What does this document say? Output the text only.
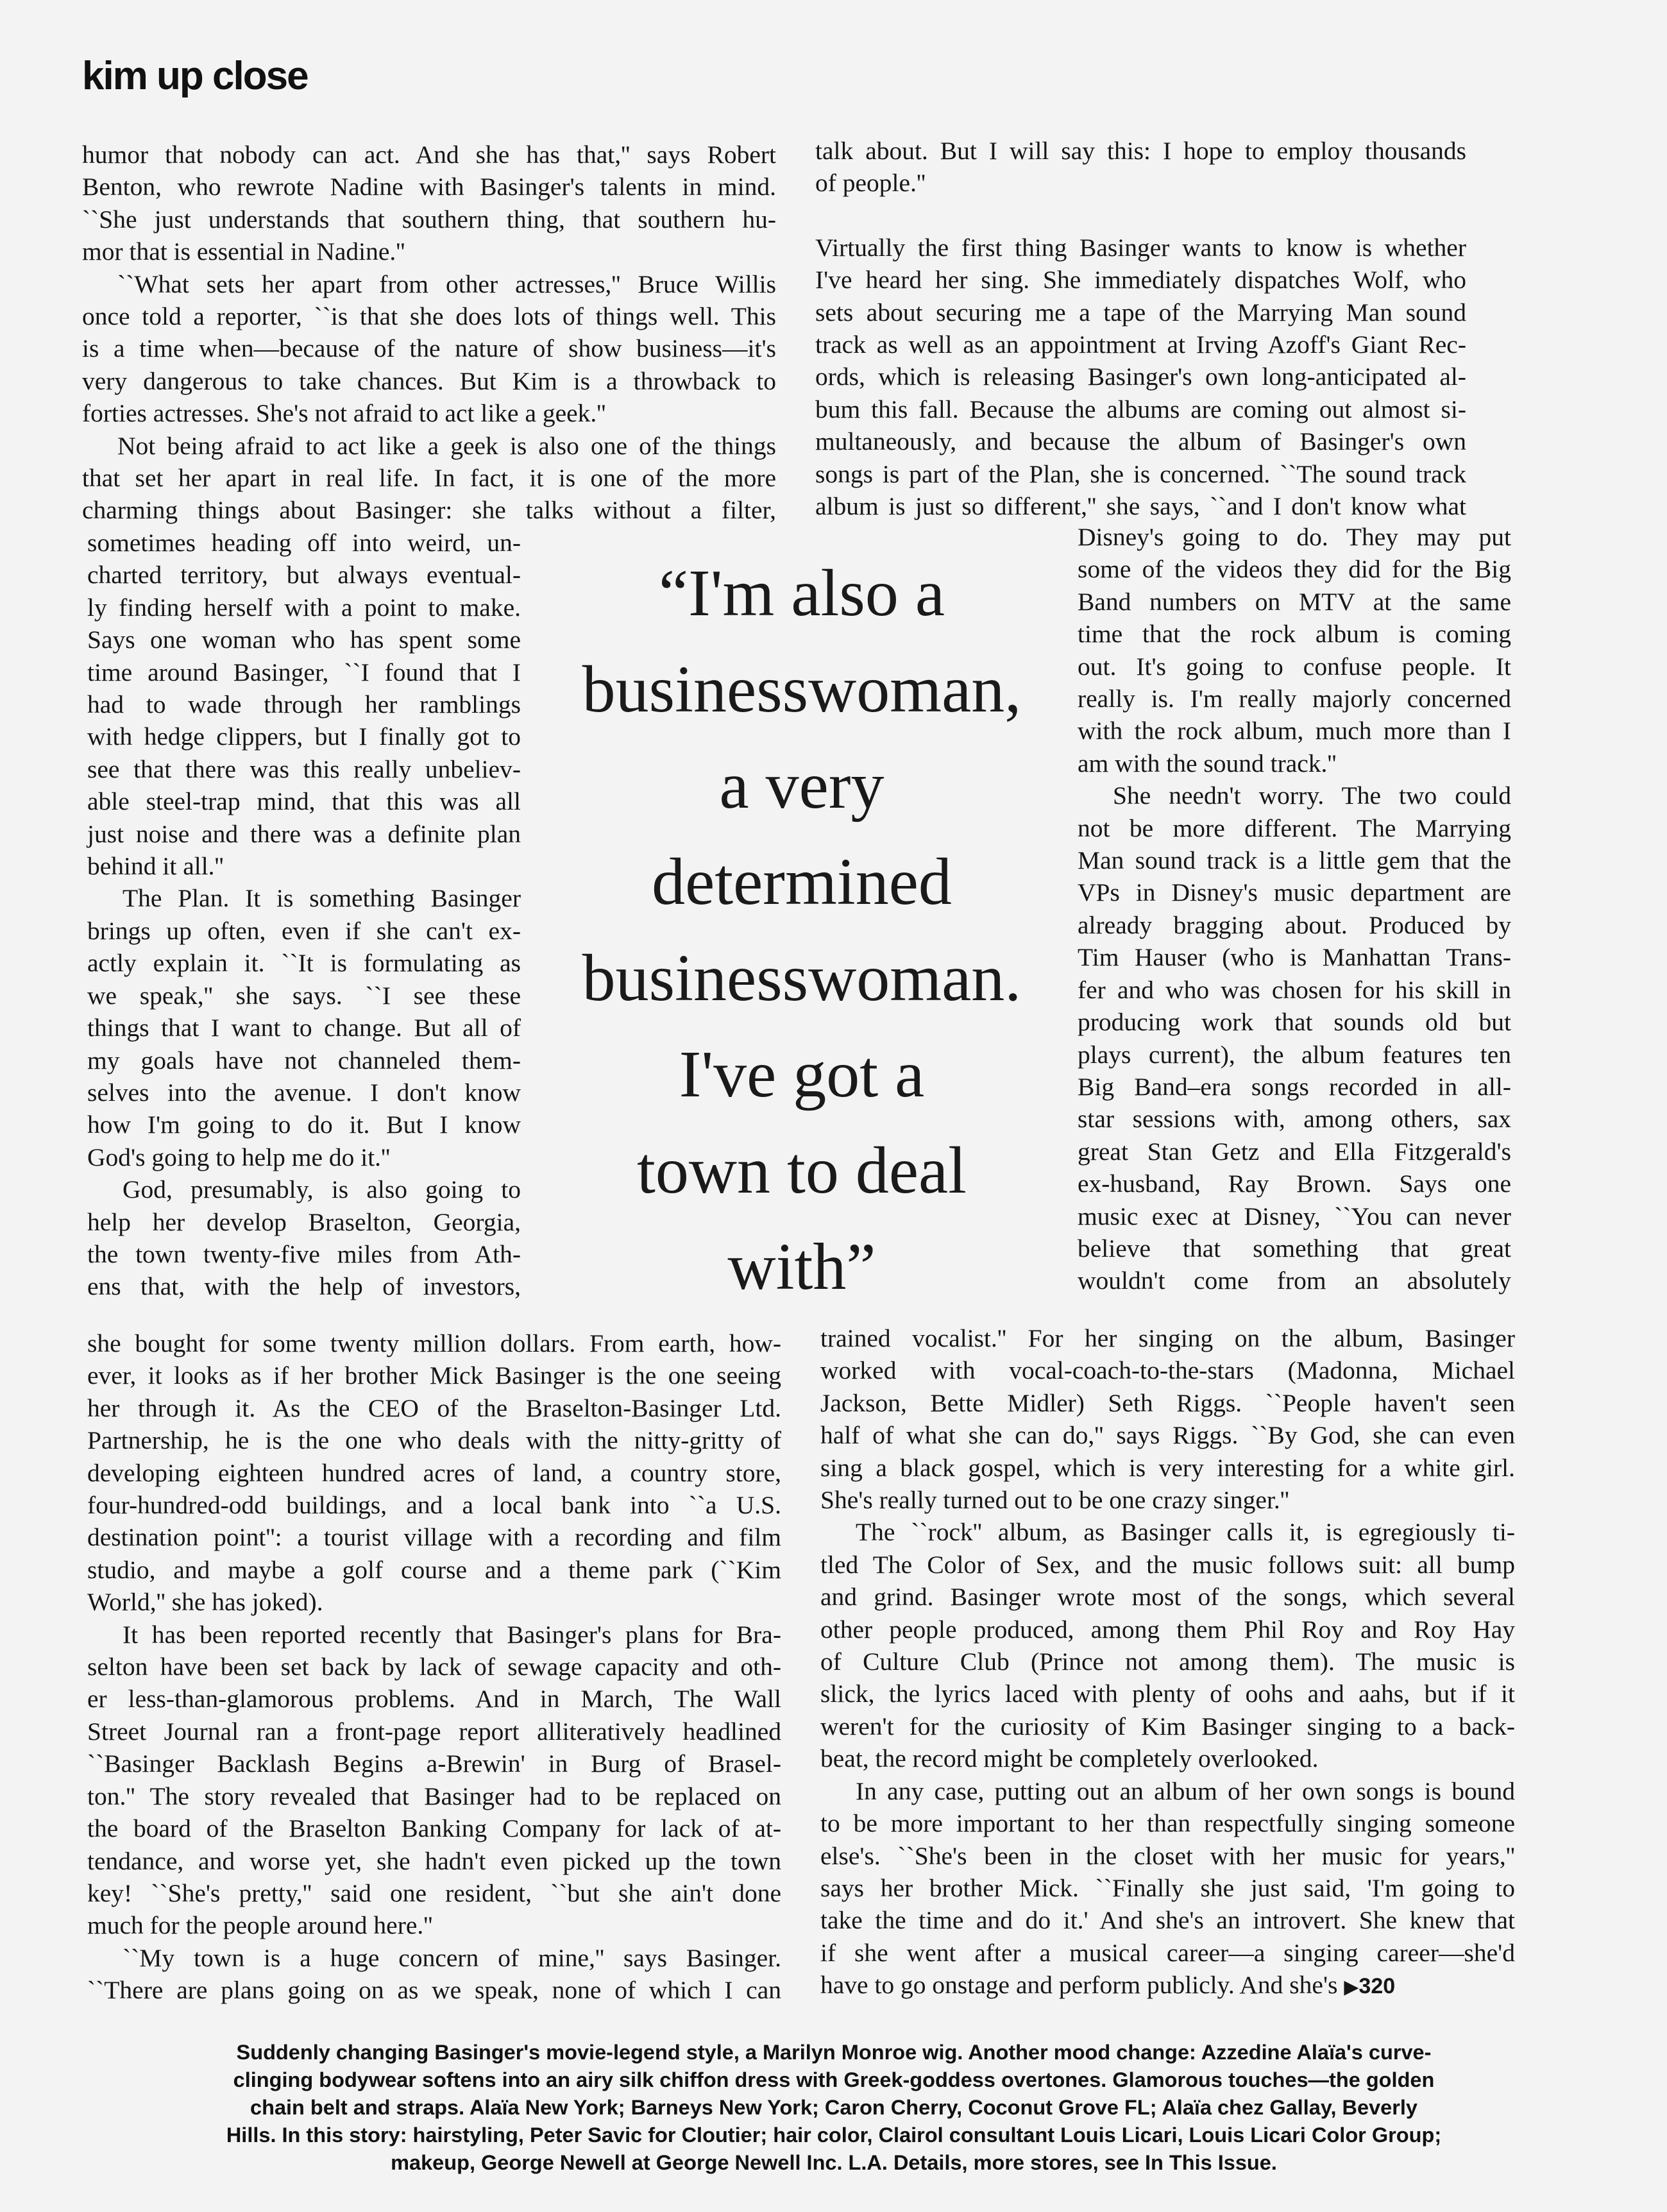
kim up close
humor that nobody can act. And she has that,'' says Robert
Benton, who rewrote Nadine with Basinger's talents in mind.
``She just understands that southern thing, that southern hu-
mor that is essential in Nadine.''
``What sets her apart from other actresses,'' Bruce Willis
once told a reporter, ``is that she does lots of things well. This
is a time when—because of the nature of show business—it's
very dangerous to take chances. But Kim is a throwback to
forties actresses. She's not afraid to act like a geek.''
Not being afraid to act like a geek is also one of the things
that set her apart in real life. In fact, it is one of the more
charming things about Basinger: she talks without a filter,
sometimes heading off into weird, un-
charted territory, but always eventual-
ly finding herself with a point to make.
Says one woman who has spent some
time around Basinger, ``I found that I
had to wade through her ramblings
with hedge clippers, but I finally got to
see that there was this really unbeliev-
able steel-trap mind, that this was all
just noise and there was a definite plan
behind it all.''
The Plan. It is something Basinger
brings up often, even if she can't ex-
actly explain it. ``It is formulating as
we speak,'' she says. ``I see these
things that I want to change. But all of
my goals have not channeled them-
selves into the avenue. I don't know
how I'm going to do it. But I know
God's going to help me do it.''
God, presumably, is also going to
help her develop Braselton, Georgia,
the town twenty-five miles from Ath-
ens that, with the help of investors,
she bought for some twenty million dollars. From earth, how-
ever, it looks as if her brother Mick Basinger is the one seeing
her through it. As the CEO of the Braselton-Basinger Ltd.
Partnership, he is the one who deals with the nitty-gritty of
developing eighteen hundred acres of land, a country store,
four-hundred-odd buildings, and a local bank into ``a U.S.
destination point'': a tourist village with a recording and film
studio, and maybe a golf course and a theme park (``Kim
World,'' she has joked).
It has been reported recently that Basinger's plans for Bra-
selton have been set back by lack of sewage capacity and oth-
er less-than-glamorous problems. And in March, The Wall
Street Journal ran a front-page report alliteratively headlined
``Basinger Backlash Begins a-Brewin' in Burg of Brasel-
ton.'' The story revealed that Basinger had to be replaced on
the board of the Braselton Banking Company for lack of at-
tendance, and worse yet, she hadn't even picked up the town
key! ``She's pretty,'' said one resident, ``but she ain't done
much for the people around here.''
``My town is a huge concern of mine,'' says Basinger.
``There are plans going on as we speak, none of which I can
talk about. But I will say this: I hope to employ thousands
of people.''
Virtually the first thing Basinger wants to know is whether
I've heard her sing. She immediately dispatches Wolf, who
sets about securing me a tape of the Marrying Man sound
track as well as an appointment at Irving Azoff's Giant Rec-
ords, which is releasing Basinger's own long-anticipated al-
bum this fall. Because the albums are coming out almost si-
multaneously, and because the album of Basinger's own
songs is part of the Plan, she is concerned. ``The sound track
album is just so different,'' she says, ``and I don't know what
Disney's going to do. They may put
some of the videos they did for the Big
Band numbers on MTV at the same
time that the rock album is coming
out. It's going to confuse people. It
really is. I'm really majorly concerned
with the rock album, much more than I
am with the sound track.''
She needn't worry. The two could
not be more different. The Marrying
Man sound track is a little gem that the
VPs in Disney's music department are
already bragging about. Produced by
Tim Hauser (who is Manhattan Trans-
fer and who was chosen for his skill in
producing work that sounds old but
plays current), the album features ten
Big Band–era songs recorded in all-
star sessions with, among others, sax
great Stan Getz and Ella Fitzgerald's
ex-husband, Ray Brown. Says one
music exec at Disney, ``You can never
believe that something that great
wouldn't come from an absolutely
trained vocalist.'' For her singing on the album, Basinger
worked with vocal-coach-to-the-stars (Madonna, Michael
Jackson, Bette Midler) Seth Riggs. ``People haven't seen
half of what she can do,'' says Riggs. ``By God, she can even
sing a black gospel, which is very interesting for a white girl.
She's really turned out to be one crazy singer.''
The ``rock'' album, as Basinger calls it, is egregiously ti-
tled The Color of Sex, and the music follows suit: all bump
and grind. Basinger wrote most of the songs, which several
other people produced, among them Phil Roy and Roy Hay
of Culture Club (Prince not among them). The music is
slick, the lyrics laced with plenty of oohs and aahs, but if it
weren't for the curiosity of Kim Basinger singing to a back-
beat, the record might be completely overlooked.
In any case, putting out an album of her own songs is bound
to be more important to her than respectfully singing someone
else's. ``She's been in the closet with her music for years,''
says her brother Mick. ``Finally she just said, 'I'm going to
take the time and do it.' And she's an introvert. She knew that
if she went after a musical career—a singing career—she'd
have to go onstage and perform publicly. And she's ▶320
“I'm also a
businesswoman,
a very
determined
businesswoman.
I've got a
town to deal
with”
Suddenly changing Basinger's movie-legend style, a Marilyn Monroe wig. Another mood change: Azzedine Alaïa's curve-
clinging bodywear softens into an airy silk chiffon dress with Greek-goddess overtones. Glamorous touches—the golden
chain belt and straps. Alaïa New York; Barneys New York; Caron Cherry, Coconut Grove FL; Alaïa chez Gallay, Beverly
Hills. In this story: hairstyling, Peter Savic for Cloutier; hair color, Clairol consultant Louis Licari, Louis Licari Color Group;
makeup, George Newell at George Newell Inc. L.A. Details, more stores, see In This Issue.
